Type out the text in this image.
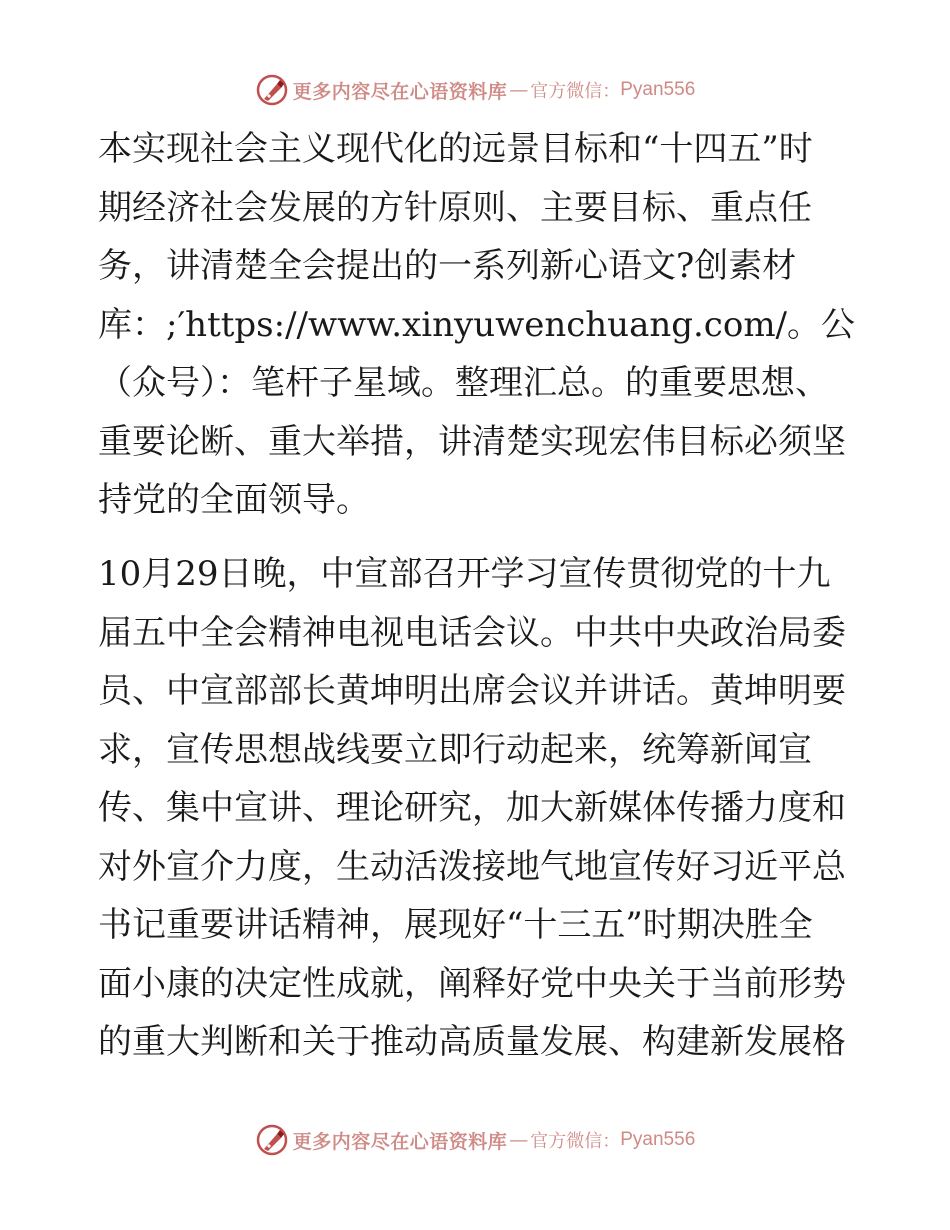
更多内容尽在心语资料库 — 官方微信： Pyan556
本实现社会主义现代化的远景目标和“十四五”时
期经济社会发展的方针原则、主要目标、重点任
务，讲清楚全会提出的一系列新心语文?创素材
库：;′https://www.xinyuwenchuang.com/。公
（众号）：笔杆子星域。整理汇总。的重要思想、
重要论断、重大举措，讲清楚实现宏伟目标必须坚
持党的全面领导。
10月29日晚，中宣部召开学习宣传贯彻党的十九
届五中全会精神电视电话会议。中共中央政治局委
员、中宣部部长黄坤明出席会议并讲话。黄坤明要
求，宣传思想战线要立即行动起来，统筹新闻宣
传、集中宣讲、理论研究，加大新媒体传播力度和
对外宣介力度，生动活泼接地气地宣传好习近平总
书记重要讲话精神，展现好“十三五”时期决胜全
面小康的决定性成就，阐释好党中央关于当前形势
的重大判断和关于推动高质量发展、构建新发展格
更多内容尽在心语资料库 — 官方微信： Pyan556
